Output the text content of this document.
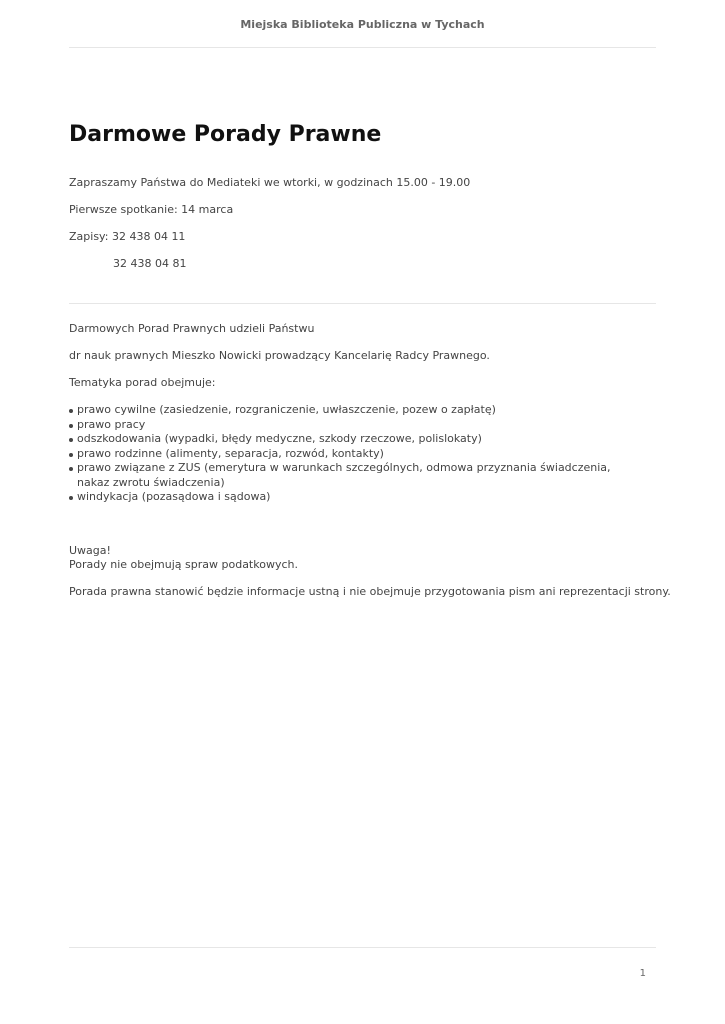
Miejska Biblioteka Publiczna w Tychach
Darmowe Porady Prawne

Zapraszamy Państwa do Mediateki we wtorki, w godzinach 15.00 - 19.00

Pierwsze spotkanie: 14 marca

Zapisy: 32 438 04 11

32 438 04 81

Darmowych Porad Prawnych udzieli Państwu

dr nauk prawnych Mieszko Nowicki prowadzący Kancelarię Radcy Prawnego.

Tematyka porad obejmuje:

prawo cywilne (zasiedzenie, rozgraniczenie, uwłaszczenie, pozew o zapłatę)
prawo pracy
odszkodowania (wypadki, błędy medyczne, szkody rzeczowe, polislokaty)
prawo rodzinne (alimenty, separacja, rozwód, kontakty)
prawo związane z ZUS (emerytura w warunkach szczególnych, odmowa przyznania świadczenia, nakaz zwrotu świadczenia)
windykacja (pozasądowa i sądowa)

Uwaga!

Porady nie obejmują spraw podatkowych.

Porada prawna stanowić będzie informacje ustną i nie obejmuje przygotowania pism ani reprezentacji strony.

1
